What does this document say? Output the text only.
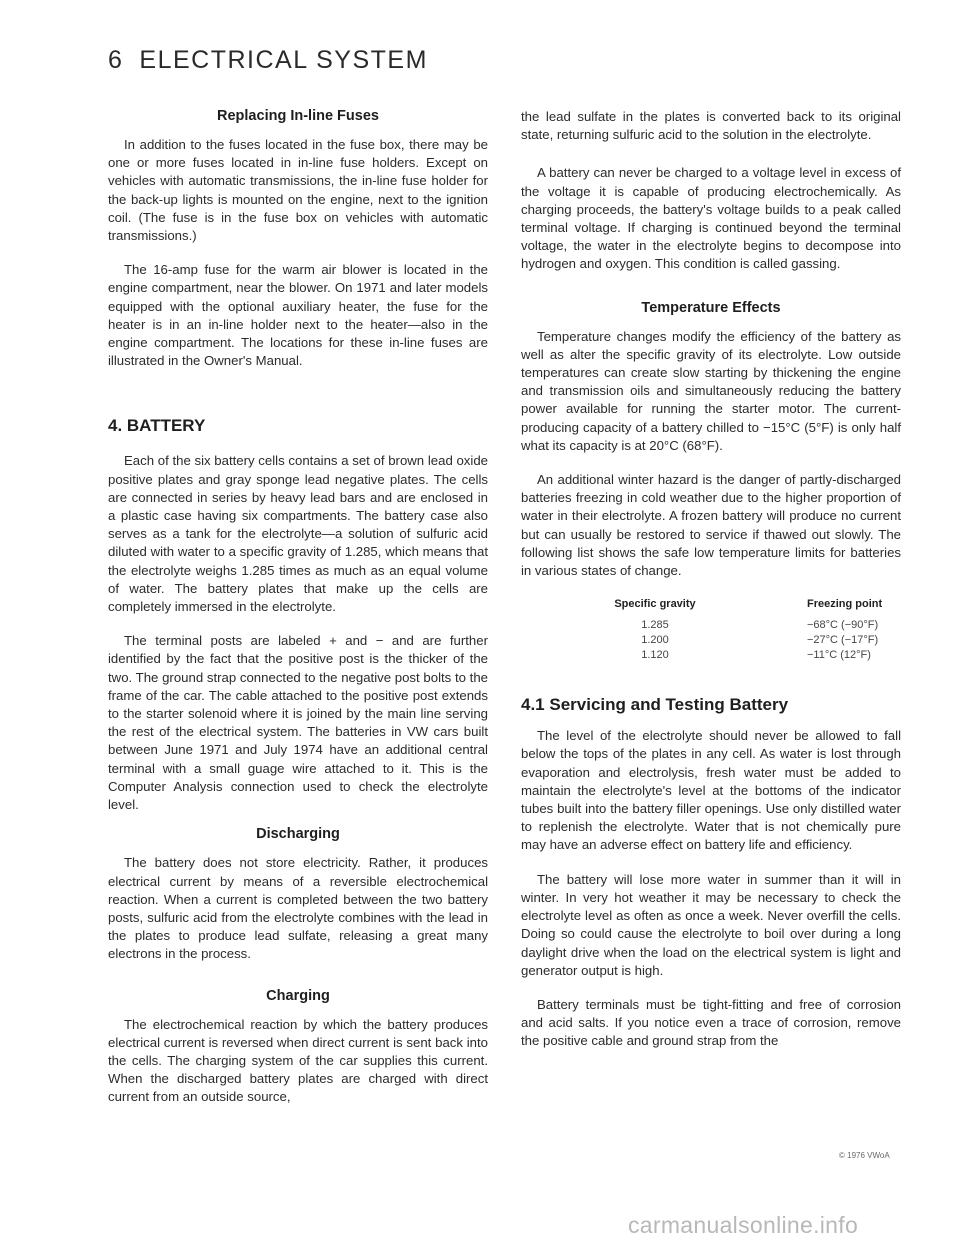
6 ELECTRICAL SYSTEM
Replacing In-line Fuses

In addition to the fuses located in the fuse box, there may be one or more fuses located in in-line fuse holders. Except on vehicles with automatic transmissions, the in-line fuse holder for the back-up lights is mounted on the engine, next to the ignition coil. (The fuse is in the fuse box on vehicles with automatic transmissions.)

The 16-amp fuse for the warm air blower is located in the engine compartment, near the blower. On 1971 and later models equipped with the optional auxiliary heater, the fuse for the heater is in an in-line holder next to the heater—also in the engine compartment. The locations for these in-line fuses are illustrated in the Owner's Manual.

4. BATTERY

Each of the six battery cells contains a set of brown lead oxide positive plates and gray sponge lead negative plates. The cells are connected in series by heavy lead bars and are enclosed in a plastic case having six compartments. The battery case also serves as a tank for the electrolyte—a solution of sulfuric acid diluted with water to a specific gravity of 1.285, which means that the electrolyte weighs 1.285 times as much as an equal volume of water. The battery plates that make up the cells are completely immersed in the electrolyte.

The terminal posts are labeled + and − and are further identified by the fact that the positive post is the thicker of the two. The ground strap connected to the negative post bolts to the frame of the car. The cable attached to the positive post extends to the starter solenoid where it is joined by the main line serving the rest of the electrical system. The batteries in VW cars built between June 1971 and July 1974 have an additional central terminal with a small guage wire attached to it. This is the Computer Analysis connection used to check the electrolyte level.

Discharging

The battery does not store electricity. Rather, it produces electrical current by means of a reversible electrochemical reaction. When a current is completed between the two battery posts, sulfuric acid from the electrolyte combines with the lead in the plates to produce lead sulfate, releasing a great many electrons in the process.

Charging

The electrochemical reaction by which the battery produces electrical current is reversed when direct current is sent back into the cells. The charging system of the car supplies this current. When the discharged battery plates are charged with direct current from an outside source,

the lead sulfate in the plates is converted back to its original state, returning sulfuric acid to the solution in the electrolyte.

A battery can never be charged to a voltage level in excess of the voltage it is capable of producing electrochemically. As charging proceeds, the battery's voltage builds to a peak called terminal voltage. If charging is continued beyond the terminal voltage, the water in the electrolyte begins to decompose into hydrogen and oxygen. This condition is called gassing.

Temperature Effects

Temperature changes modify the efficiency of the battery as well as alter the specific gravity of its electrolyte. Low outside temperatures can create slow starting by thickening the engine and transmission oils and simultaneously reducing the battery power available for running the starter motor. The current-producing capacity of a battery chilled to −15°C (5°F) is only half what its capacity is at 20°C (68°F).

An additional winter hazard is the danger of partly-discharged batteries freezing in cold weather due to the higher proportion of water in their electrolyte. A frozen battery will produce no current but can usually be restored to service if thawed out slowly. The following list shows the safe low temperature limits for batteries in various states of change.

Specific gravity	Freezing point
1.285	−68°C (−90°F)
1.200	−27°C (−17°F)
1.120	−11°C (12°F)
4.1 Servicing and Testing Battery

The level of the electrolyte should never be allowed to fall below the tops of the plates in any cell. As water is lost through evaporation and electrolysis, fresh water must be added to maintain the electrolyte's level at the bottoms of the indicator tubes built into the battery filler openings. Use only distilled water to replenish the electrolyte. Water that is not chemically pure may have an adverse effect on battery life and efficiency.

The battery will lose more water in summer than it will in winter. In very hot weather it may be necessary to check the electrolyte level as often as once a week. Never overfill the cells. Doing so could cause the electrolyte to boil over during a long daylight drive when the load on the electrical system is light and generator output is high.

Battery terminals must be tight-fitting and free of corrosion and acid salts. If you notice even a trace of corrosion, remove the positive cable and ground strap from the

© 1976 VWoA
carmanualsonline.info
